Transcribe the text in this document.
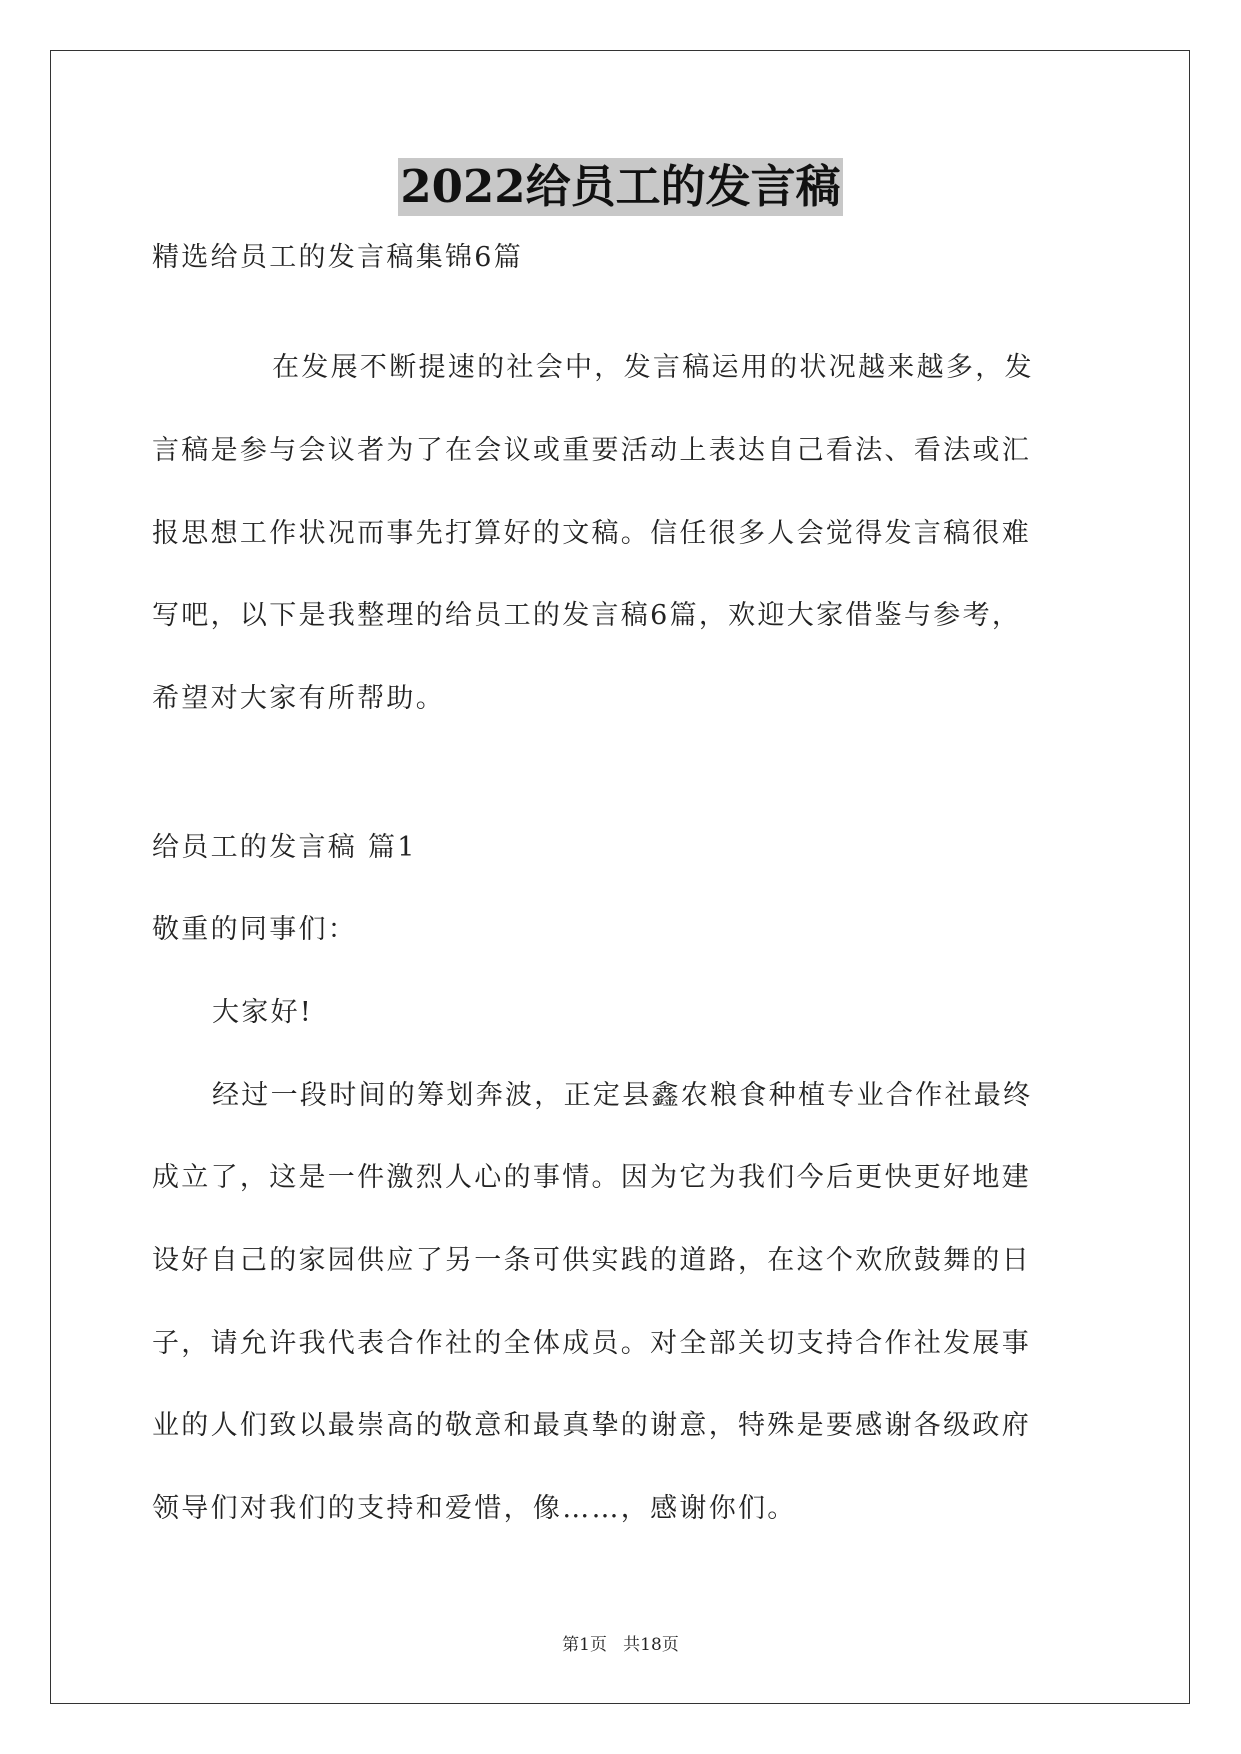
2022给员工的发言稿
精选给员工的发言稿集锦6篇
在发展不断提速的社会中，发言稿运用的状况越来越多，发
言稿是参与会议者为了在会议或重要活动上表达自己看法、看法或汇
报思想工作状况而事先打算好的文稿。信任很多人会觉得发言稿很难
写吧，以下是我整理的给员工的发言稿6篇，欢迎大家借鉴与参考，
希望对大家有所帮助。
给员工的发言稿 篇1
敬重的同事们：
大家好!
经过一段时间的筹划奔波，正定县鑫农粮食种植专业合作社最终
成立了，这是一件激烈人心的事情。因为它为我们今后更快更好地建
设好自己的家园供应了另一条可供实践的道路，在这个欢欣鼓舞的日
子，请允许我代表合作社的全体成员。对全部关切支持合作社发展事
业的人们致以最崇高的敬意和最真挚的谢意，特殊是要感谢各级政府
领导们对我们的支持和爱惜，像……，感谢你们。
第1页   共18页
